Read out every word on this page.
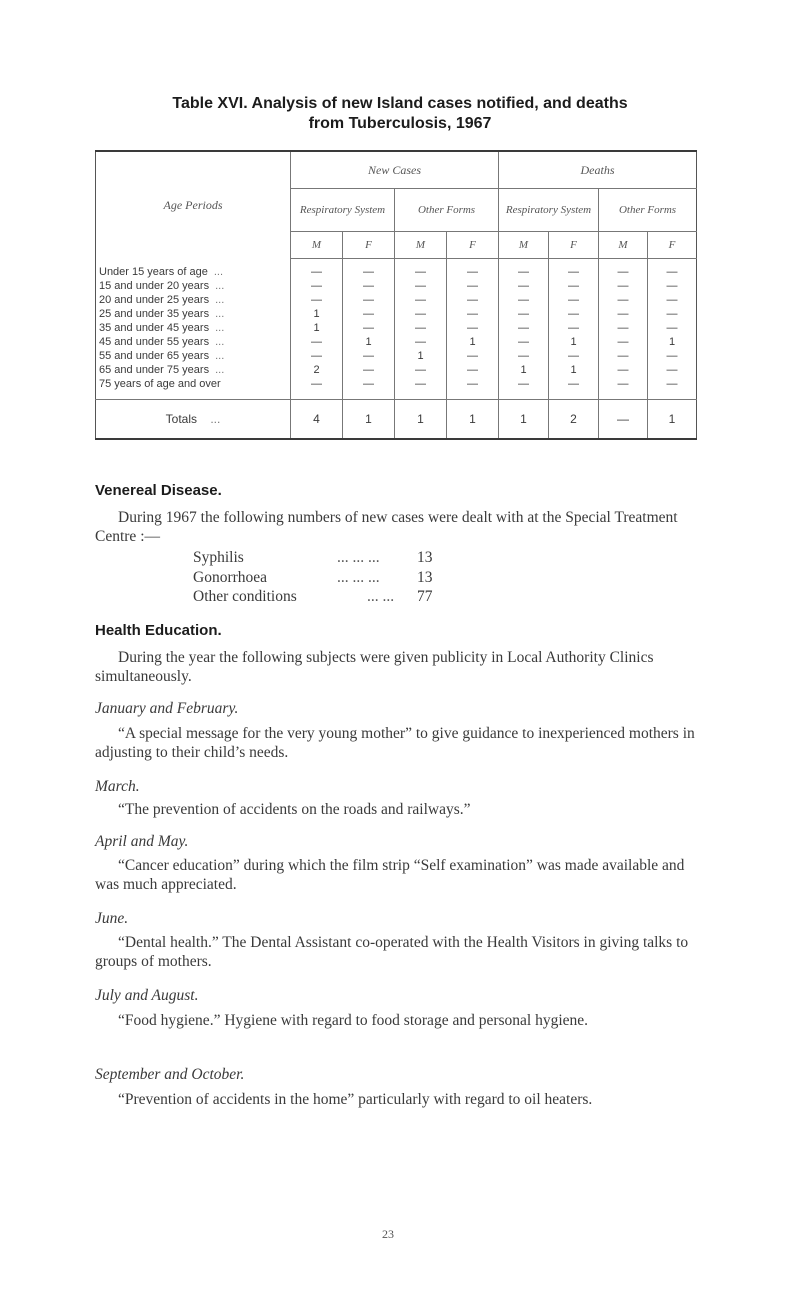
Table XVI. Analysis of new Island cases notified, and deaths
from Tuberculosis, 1967
Age Periods	New Cases				Deaths			
	Respiratory System		Other Forms		Respiratory System		Other Forms	
	M	F	M	F	M	F	M	F
Under 15 years of age ...	—	—	—	—	—	—	—	—
15 and under 20 years ...	—	—	—	—	—	—	—	—
20 and under 25 years ...	—	—	—	—	—	—	—	—
25 and under 35 years ...	1	—	—	—	—	—	—	—
35 and under 45 years ...	1	—	—	—	—	—	—	—
45 and under 55 years ...	—	1	—	1	—	1	—	1
55 and under 65 years ...	—	—	1	—	—	—	—	—
65 and under 75 years ...	2	—	—	—	1	1	—	—
75 years of age and over	—	—	—	—	—	—	—	—
Totals ...	4	1	1	1	1	2	—	1
Venereal Disease.
During 1967 the following numbers of new cases were dealt with at the Special Treatment Centre :—
Syphilis	... ... ...	13
Gonorrhoea	... ... ...	13
Other conditions	... ...	77
Health Education.
During the year the following subjects were given publicity in Local Authority Clinics simultaneously.
January and February.
“A special message for the very young mother” to give guidance to inexperienced mothers in adjusting to their child’s needs.
March.
“The prevention of accidents on the roads and railways.”
April and May.
“Cancer education” during which the film strip “Self examination” was made available and was much appreciated.
June.
“Dental health.” The Dental Assistant co-operated with the Health Visitors in giving talks to groups of mothers.
July and August.
“Food hygiene.” Hygiene with regard to food storage and personal hygiene.
September and October.
“Prevention of accidents in the home” particularly with regard to oil heaters.
23
